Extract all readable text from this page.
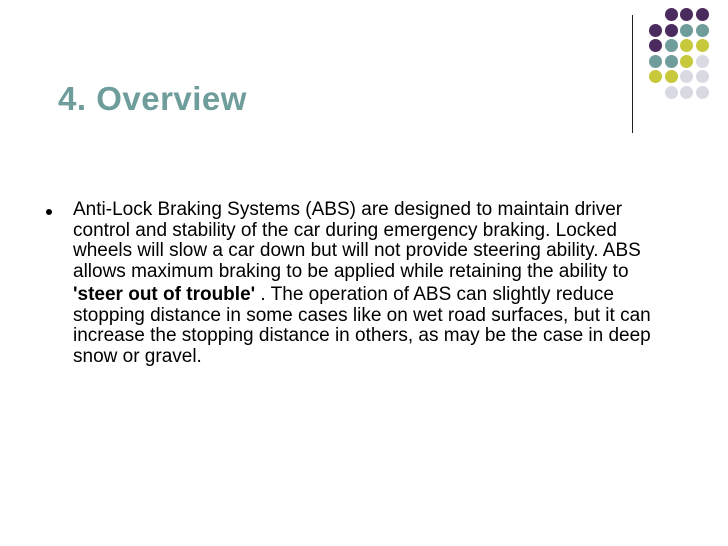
4. Overview

Anti-Lock Braking Systems (ABS) are designed to maintain driver control and stability of the car during emergency braking. Locked wheels will slow a car down but will not provide steering ability. ABS allows maximum braking to be applied while retaining the ability to

'steer out of trouble' . The operation of ABS can slightly reduce stopping distance in some cases like on wet road surfaces, but it can increase the stopping distance in others, as may be the case in deep snow or gravel.
